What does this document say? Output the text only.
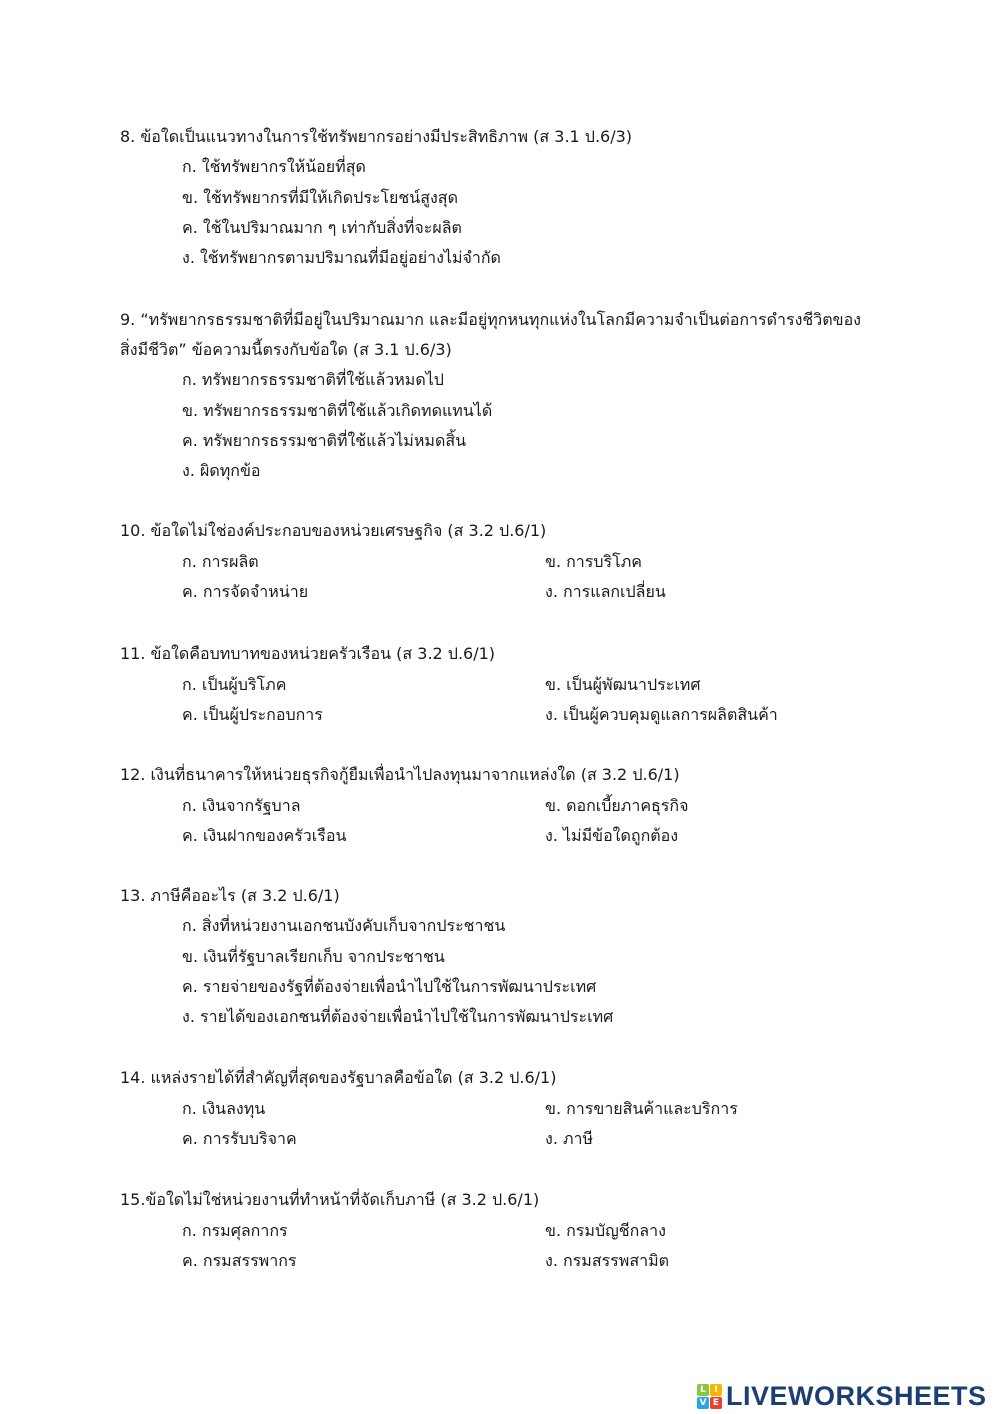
8. ข้อใดเป็นแนวทางในการใช้ทรัพยากรอย่างมีประสิทธิภาพ (ส 3.1 ป.6/3)
ก. ใช้ทรัพยากรให้น้อยที่สุด
ข. ใช้ทรัพยากรที่มีให้เกิดประโยชน์สูงสุด
ค. ใช้ในปริมาณมาก ๆ เท่ากับสิ่งที่จะผลิต
ง. ใช้ทรัพยากรตามปริมาณที่มีอยู่อย่างไม่จำกัด
9. “ทรัพยากรธรรมชาติที่มีอยู่ในปริมาณมาก และมีอยู่ทุกหนทุกแห่งในโลกมีความจำเป็นต่อการดำรงชีวิตของ
สิ่งมีชีวิต” ข้อความนี้ตรงกับข้อใด (ส 3.1 ป.6/3)
ก. ทรัพยากรธรรมชาติที่ใช้แล้วหมดไป
ข. ทรัพยากรธรรมชาติที่ใช้แล้วเกิดทดแทนได้
ค. ทรัพยากรธรรมชาติที่ใช้แล้วไม่หมดสิ้น
ง. ผิดทุกข้อ
10. ข้อใดไม่ใช่องค์ประกอบของหน่วยเศรษฐกิจ (ส 3.2 ป.6/1)
ก. การผลิต	ข. การบริโภค
ค. การจัดจำหน่าย	ง. การแลกเปลี่ยน
11. ข้อใดคือบทบาทของหน่วยครัวเรือน (ส 3.2 ป.6/1)
ก. เป็นผู้บริโภค	ข. เป็นผู้พัฒนาประเทศ
ค. เป็นผู้ประกอบการ	ง. เป็นผู้ควบคุมดูแลการผลิตสินค้า
12. เงินที่ธนาคารให้หน่วยธุรกิจกู้ยืมเพื่อนำไปลงทุนมาจากแหล่งใด (ส 3.2 ป.6/1)
ก. เงินจากรัฐบาล	ข. ดอกเบี้ยภาคธุรกิจ
ค. เงินฝากของครัวเรือน	ง. ไม่มีข้อใดถูกต้อง
13. ภาษีคืออะไร (ส 3.2 ป.6/1)
ก. สิ่งที่หน่วยงานเอกชนบังคับเก็บจากประชาชน
ข. เงินที่รัฐบาลเรียกเก็บ จากประชาชน
ค. รายจ่ายของรัฐที่ต้องจ่ายเพื่อนำไปใช้ในการพัฒนาประเทศ
ง. รายได้ของเอกชนที่ต้องจ่ายเพื่อนำไปใช้ในการพัฒนาประเทศ
14. แหล่งรายได้ที่สำคัญที่สุดของรัฐบาลคือข้อใด (ส 3.2 ป.6/1)
ก. เงินลงทุน	ข. การขายสินค้าและบริการ
ค. การรับบริจาค	ง. ภาษี
15.ข้อใดไม่ใช่หน่วยงานที่ทำหน้าที่จัดเก็บภาษี (ส 3.2 ป.6/1)
ก. กรมศุลกากร	ข. กรมบัญชีกลาง
ค. กรมสรรพากร	ง. กรมสรรพสามิต
L I
V E LIVEWORKSHEETS
